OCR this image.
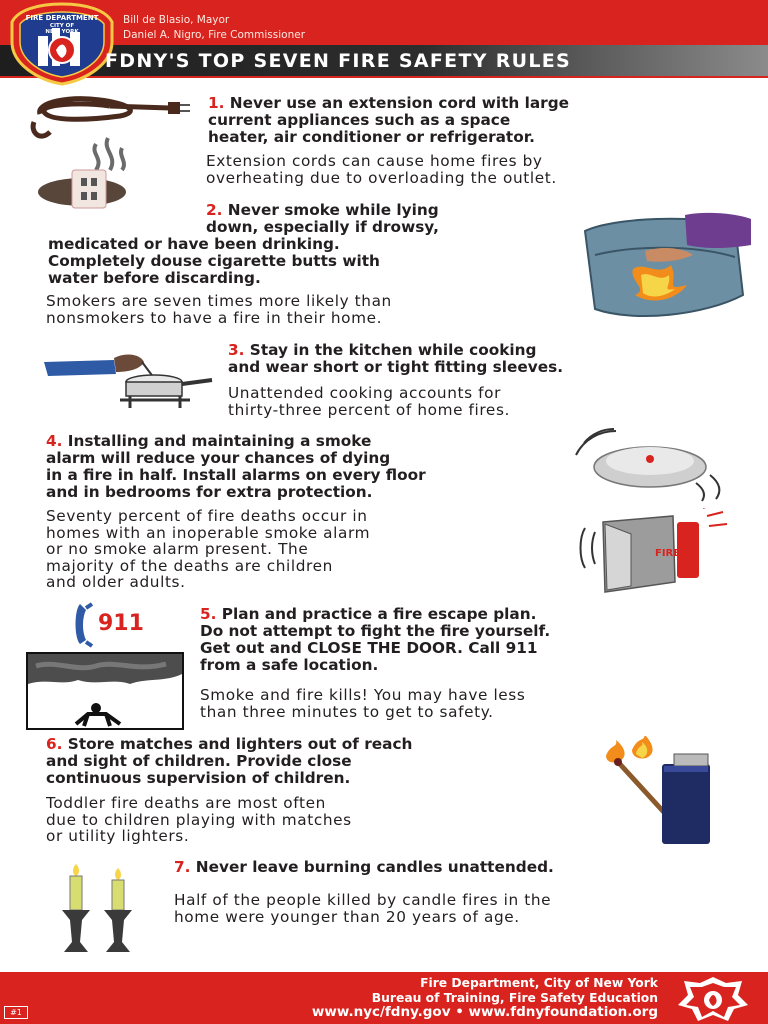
FIRE DEPARTMENT
CITY OF
NEW YORK
Bill de Blasio, Mayor
Daniel A. Nigro, Fire Commissioner
FDNY'S TOP SEVEN FIRE SAFETY RULES
1. Never use an extension cord with large
current appliances such as a space
heater, air conditioner or refrigerator.
Extension cords can cause home fires by
overheating due to overloading the outlet.
2. Never smoke while lying
down, especially if drowsy,
medicated or have been drinking.
Completely douse cigarette butts with
water before discarding.
Smokers are seven times more likely than
nonsmokers to have a fire in their home.
3. Stay in the kitchen while cooking
and wear short or tight fitting sleeves.
Unattended cooking accounts for
thirty-three percent of home fires.
4. Installing and maintaining a smoke
alarm will reduce your chances of dying
in a fire in half. Install alarms on every floor
and in bedrooms for extra protection.
FIRE
Seventy percent of fire deaths occur in
homes with an inoperable smoke alarm
or no smoke alarm present. The
majority of the deaths are children
and older adults.
911	5. Plan and practice a fire escape plan.
Do not attempt to fight the fire yourself.
Get out and CLOSE THE DOOR. Call 911
from a safe location.
Smoke and fire kills! You may have less
than three minutes to get to safety.
6. Store matches and lighters out of reach
and sight of children. Provide close
continuous supervision of children.
Toddler fire deaths are most often
due to children playing with matches
or utility lighters.
7. Never leave burning candles unattended.
Half of the people killed by candle fires in the
home were younger than 20 years of age.
#1
Fire Department, City of New York
Bureau of Training, Fire Safety Education
www.nyc/fdny.gov • www.fdnyfoundation.org
